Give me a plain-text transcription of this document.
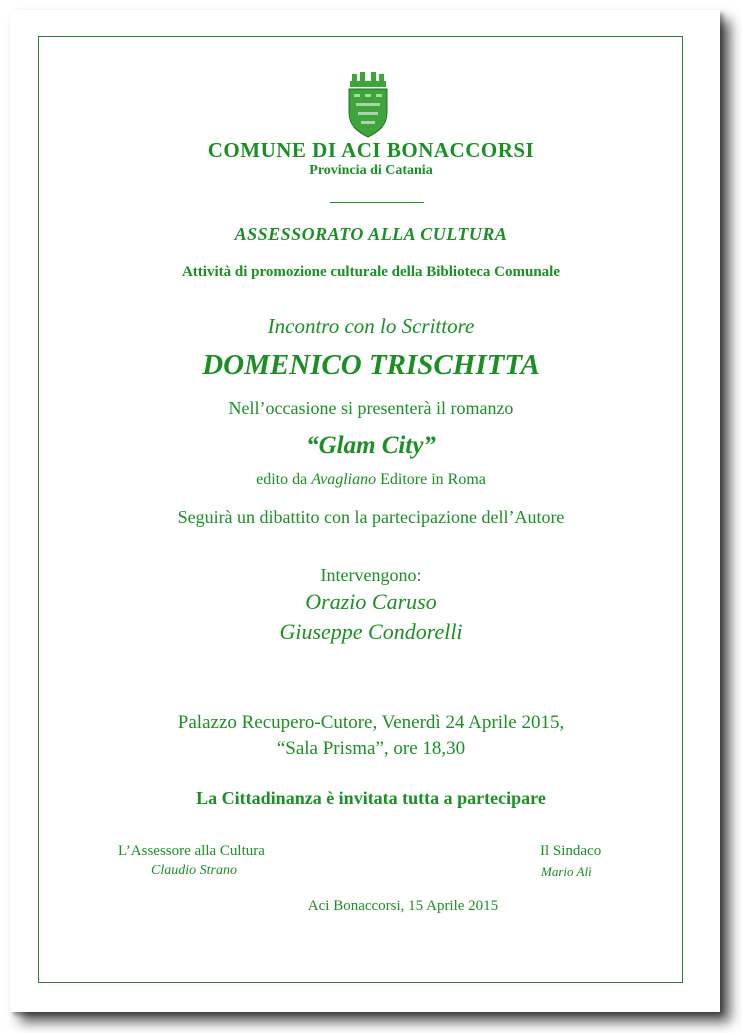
COMUNE DI ACI BONACCORSI
Provincia di Catania
ASSESSORATO ALLA CULTURA
Attività di promozione culturale della Biblioteca Comunale
Incontro con lo Scrittore
DOMENICO TRISCHITTA
Nell’occasione si presenterà il romanzo
“Glam City”
edito da Avagliano Editore in Roma
Seguirà un dibattito con la partecipazione dell’Autore
Intervengono:
Orazio Caruso
Giuseppe Condorelli
Palazzo Recupero-Cutore, Venerdì 24 Aprile 2015,
“Sala Prisma”, ore 18,30
La Cittadinanza è invitata tutta a partecipare
L’Assessore alla Cultura
Claudio Strano
Il Sindaco
Mario Alì
Aci Bonaccorsi, 15 Aprile 2015
